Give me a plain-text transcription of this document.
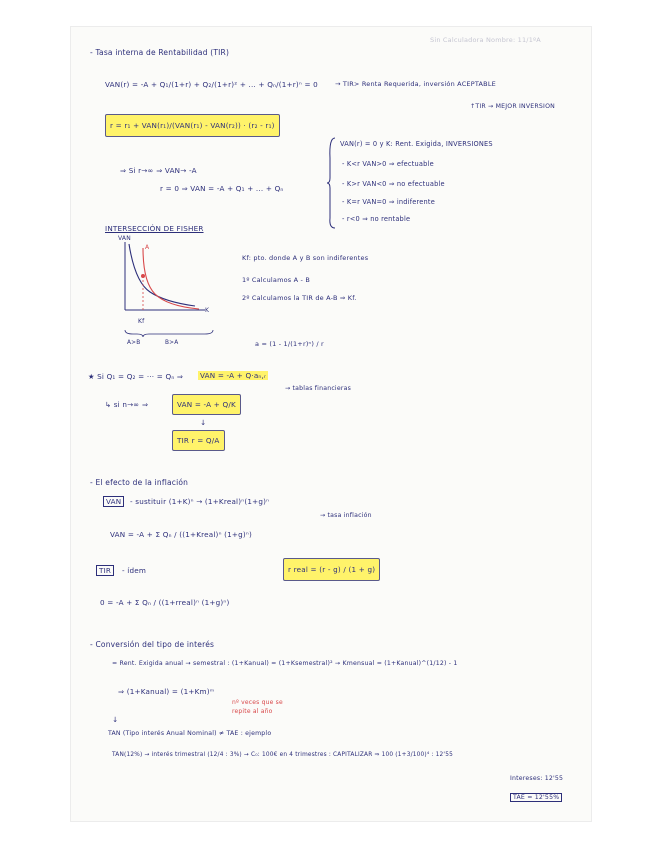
Sin Calculadora Nombre: 11/1ºA
- Tasa interna de Rentabilidad (TIR)
VAN(r) = -A + Q₁/(1+r) + Q₂/(1+r)² + ... + Qₙ/(1+r)ⁿ = 0	→ TIR> Renta Requerida, inversión ACEPTABLE
↑TIR → MEJOR INVERSION
r = r₁ + VAN(r₁)/(VAN(r₁) - VAN(r₂)) · (r₂ - r₁)
⇒ Si r→∞ ⇒ VAN→ -A
r = 0 ⇒ VAN = -A + Q₁ + ... + Qₙ
VAN(r) = 0 y K: Rent. Exigida, INVERSIONES
- K<r VAN>0 ⇒ efectuable
- K>r VAN<0 ⇒ no efectuable
- K=r VAN=0 ⇒ indiferente
- r<0 ⇒ no rentable
INTERSECCIÓN DE FISHER
VAN
A
K
Kf
A>B	B>A
Kf: pto. donde A y B son indiferentes
1º Calculamos A - B
2º Calculamos la TIR de A-B ⇒ Kf.
a = (1 - 1/(1+r)ⁿ) / r
★ Si Q₁ = Q₂ = ··· = Qₙ ⇒ VAN = -A + Q·aₙ,ᵣ
→ tablas financieras
↳ si n→∞ ⇒	VAN = -A + Q/K
↓
TIR r = Q/A
- El efecto de la inflación
VAN	- sustituir (1+K)ⁿ → (1+Kreal)ⁿ(1+g)ⁿ
→ tasa inflación
VAN = -A + Σ Qₙ / ((1+Kreal)ⁿ (1+g)ⁿ)
TIR	- ídem	r real = (r - g) / (1 + g)
0 = -A + Σ Qₙ / ((1+rreal)ⁿ (1+g)ⁿ)
- Conversión del tipo de interés
= Rent. Exigida anual → semestral : (1+Kanual) = (1+Ksemestral)² → Kmensual = (1+Kanual)^(1/12) - 1
⇒ (1+Kanual) = (1+Km)ᵐ
nº veces que se repite al año
↓
TAN (Tipo interés Anual Nominal) ≠ TAE : ejemplo
TAN(12%) → interés trimestral (12/4 : 3%) → C₀: 100€ en 4 trimestres : CAPITALIZAR ⇒ 100 (1+3/100)⁴ : 12'55
Intereses: 12'55
TAE = 12'55%
